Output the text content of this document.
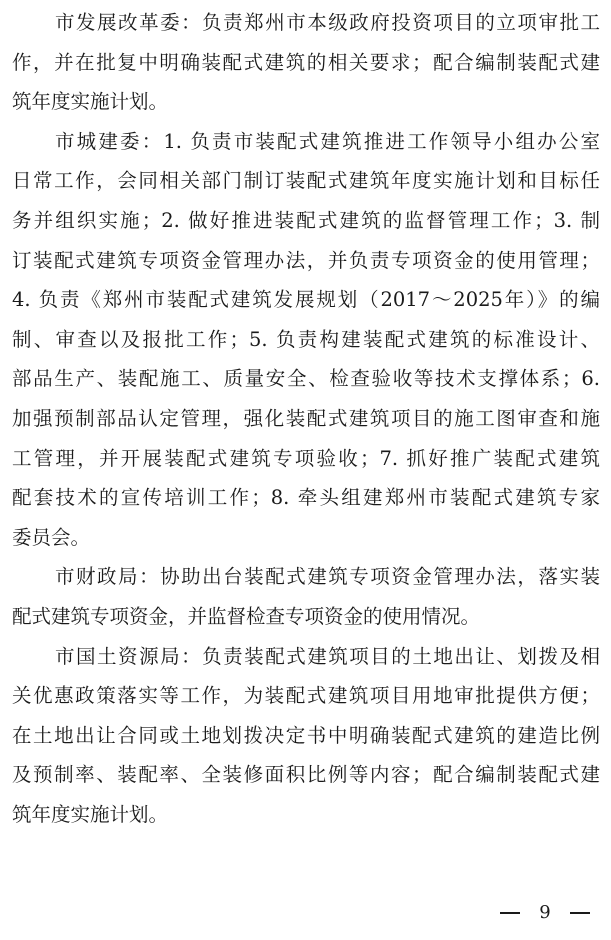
市发展改革委：负责郑州市本级政府投资项目的立项审批工
作，并在批复中明确装配式建筑的相关要求；配合编制装配式建
筑年度实施计划。
市城建委：1. 负责市装配式建筑推进工作领导小组办公室
日常工作，会同相关部门制订装配式建筑年度实施计划和目标任
务并组织实施；2. 做好推进装配式建筑的监督管理工作；3. 制
订装配式建筑专项资金管理办法，并负责专项资金的使用管理；
4. 负责《郑州市装配式建筑发展规划（2017～2025年）》的编
制、审查以及报批工作；5. 负责构建装配式建筑的标准设计、
部品生产、装配施工、质量安全、检查验收等技术支撑体系；6.
加强预制部品认定管理，强化装配式建筑项目的施工图审查和施
工管理，并开展装配式建筑专项验收；7. 抓好推广装配式建筑
配套技术的宣传培训工作；8. 牵头组建郑州市装配式建筑专家
委员会。
市财政局：协助出台装配式建筑专项资金管理办法，落实装
配式建筑专项资金，并监督检查专项资金的使用情况。
市国土资源局：负责装配式建筑项目的土地出让、划拨及相
关优惠政策落实等工作，为装配式建筑项目用地审批提供方便；
在土地出让合同或土地划拨决定书中明确装配式建筑的建造比例
及预制率、装配率、全装修面积比例等内容；配合编制装配式建
筑年度实施计划。
9
